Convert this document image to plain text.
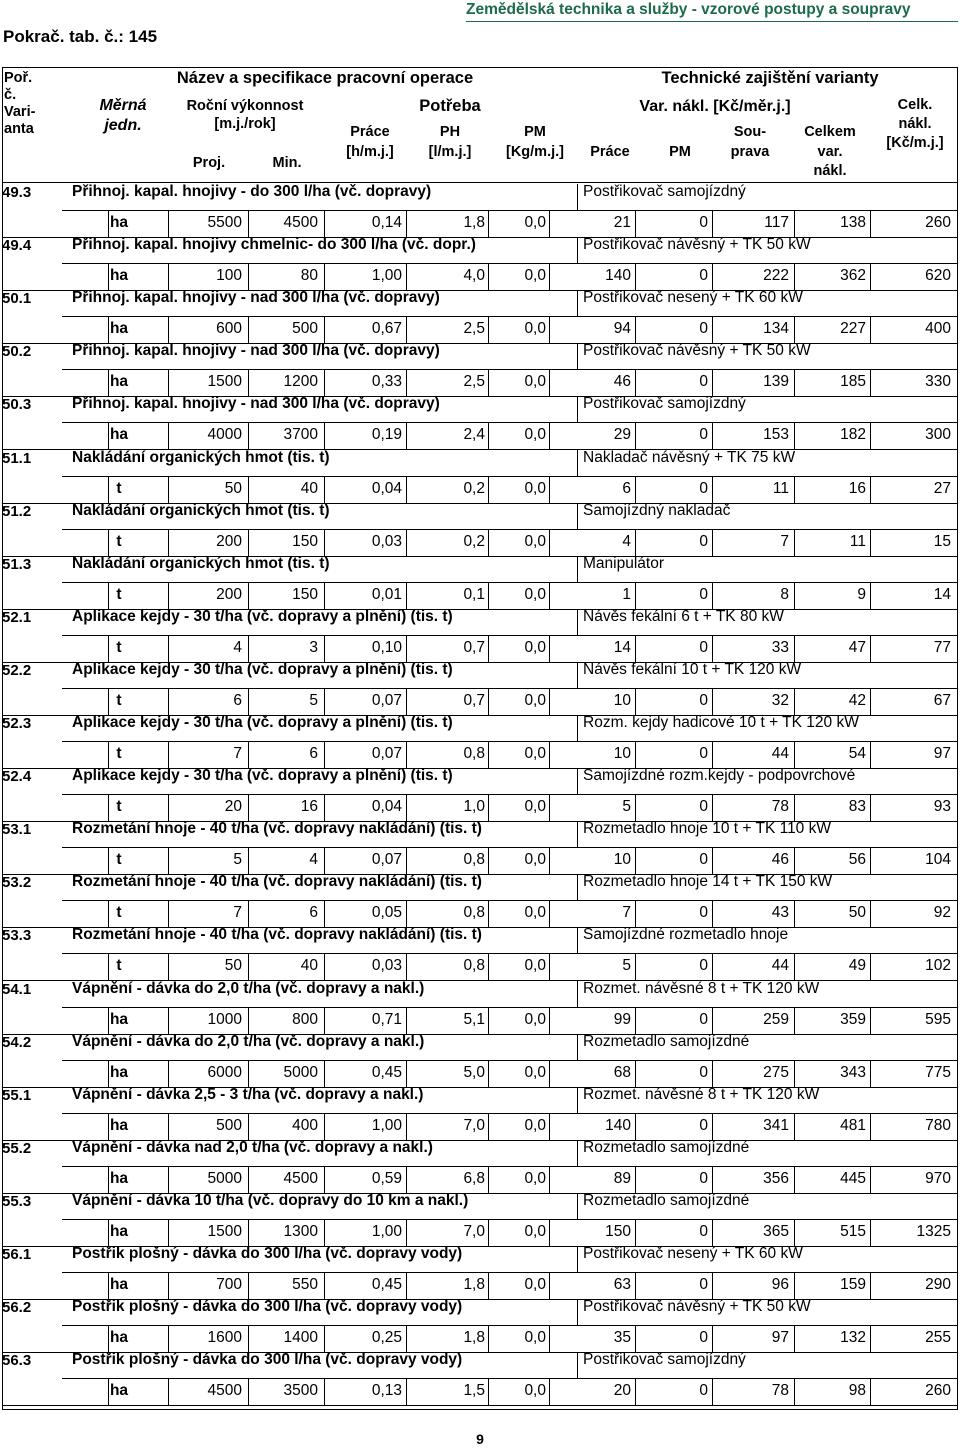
Pokrač. tab. č.: 145
Zemědělská technika a služby - vzorové postupy a soupravy
Poř.
č.
Vari-
anta
Název a specifikace pracovní operace	Technické zajištění varianty
Měrná
jedn.
Roční výkonnost
[m.j./rok]
Proj.	Min.
Potřeba
Práce
[h/m.j.]
PH
[l/m.j.]
PM
[Kg/m.j.]
Var. nákl. [Kč/měr.j.]
Práce	PM
Sou-
prava
Celkem
var.
nákl.
Celk.
nákl.
[Kč/m.j.]
49.3	Přihnoj. kapal. hnojivy - do 300 l/ha (vč. dopravy)	Postřikovač samojízdný
ha	5500	4500	0,14	1,8	0,0	21	0	117	138	260
49.4	Přihnoj. kapal. hnojivy chmelnic- do 300 l/ha (vč. dopr.)	Postřikovač návěsný + TK 50 kW
ha	100	80	1,00	4,0	0,0	140	0	222	362	620
50.1	Přihnoj. kapal. hnojivy - nad 300 l/ha (vč. dopravy)	Postřikovač nesený + TK 60 kW
ha	600	500	0,67	2,5	0,0	94	0	134	227	400
50.2	Přihnoj. kapal. hnojivy - nad 300 l/ha (vč. dopravy)	Postřikovač návěsný + TK 50 kW
ha	1500	1200	0,33	2,5	0,0	46	0	139	185	330
50.3	Přihnoj. kapal. hnojivy - nad 300 l/ha (vč. dopravy)	Postřikovač samojízdný
ha	4000	3700	0,19	2,4	0,0	29	0	153	182	300
51.1	Nakládání organických hmot (tis. t)	Nakladač návěsný + TK 75 kW
t	50	40	0,04	0,2	0,0	6	0	11	16	27
51.2	Nakládání organických hmot (tis. t)	Samojízdný nakladač
t	200	150	0,03	0,2	0,0	4	0	7	11	15
51.3	Nakládání organických hmot (tis. t)	Manipulátor
t	200	150	0,01	0,1	0,0	1	0	8	9	14
52.1	Aplikace kejdy - 30 t/ha (vč. dopravy a plnění) (tis. t)	Návěs fekální 6 t + TK 80 kW
t	4	3	0,10	0,7	0,0	14	0	33	47	77
52.2	Aplikace kejdy - 30 t/ha (vč. dopravy a plnění) (tis. t)	Návěs fekální 10 t + TK 120 kW
t	6	5	0,07	0,7	0,0	10	0	32	42	67
52.3	Aplikace kejdy - 30 t/ha (vč. dopravy a plnění) (tis. t)	Rozm. kejdy hadicové 10 t + TK 120 kW
t	7	6	0,07	0,8	0,0	10	0	44	54	97
52.4	Aplikace kejdy - 30 t/ha (vč. dopravy a plnění) (tis. t)	Samojízdné rozm.kejdy - podpovrchové
t	20	16	0,04	1,0	0,0	5	0	78	83	93
53.1	Rozmetání hnoje - 40 t/ha (vč. dopravy nakládání) (tis. t)	Rozmetadlo hnoje 10 t + TK 110 kW
t	5	4	0,07	0,8	0,0	10	0	46	56	104
53.2	Rozmetání hnoje - 40 t/ha (vč. dopravy nakládání) (tis. t)	Rozmetadlo hnoje 14 t + TK 150 kW
t	7	6	0,05	0,8	0,0	7	0	43	50	92
53.3	Rozmetání hnoje - 40 t/ha (vč. dopravy nakládání) (tis. t)	Samojízdné rozmetadlo hnoje
t	50	40	0,03	0,8	0,0	5	0	44	49	102
54.1	Vápnění - dávka do 2,0 t/ha (vč. dopravy a nakl.)	Rozmet. návěsné 8 t + TK 120 kW
ha	1000	800	0,71	5,1	0,0	99	0	259	359	595
54.2	Vápnění - dávka do 2,0 t/ha (vč. dopravy a nakl.)	Rozmetadlo samojízdné
ha	6000	5000	0,45	5,0	0,0	68	0	275	343	775
55.1	Vápnění - dávka 2,5 - 3 t/ha (vč. dopravy a nakl.)	Rozmet. návěsné 8 t + TK 120 kW
ha	500	400	1,00	7,0	0,0	140	0	341	481	780
55.2	Vápnění - dávka nad 2,0 t/ha (vč. dopravy a nakl.)	Rozmetadlo samojízdné
ha	5000	4500	0,59	6,8	0,0	89	0	356	445	970
55.3	Vápnění - dávka 10 t/ha (vč. dopravy do 10 km a nakl.)	Rozmetadlo samojízdné
ha	1500	1300	1,00	7,0	0,0	150	0	365	515	1325
56.1	Postřik plošný - dávka do 300 l/ha (vč. dopravy vody)	Postřikovač nesený + TK 60 kW
ha	700	550	0,45	1,8	0,0	63	0	96	159	290
56.2	Postřik plošný - dávka do 300 l/ha (vč. dopravy vody)	Postřikovač návěsný + TK 50 kW
ha	1600	1400	0,25	1,8	0,0	35	0	97	132	255
56.3	Postřik plošný - dávka do 300 l/ha (vč. dopravy vody)	Postřikovač samojízdný
ha	4500	3500	0,13	1,5	0,0	20	0	78	98	260
9
